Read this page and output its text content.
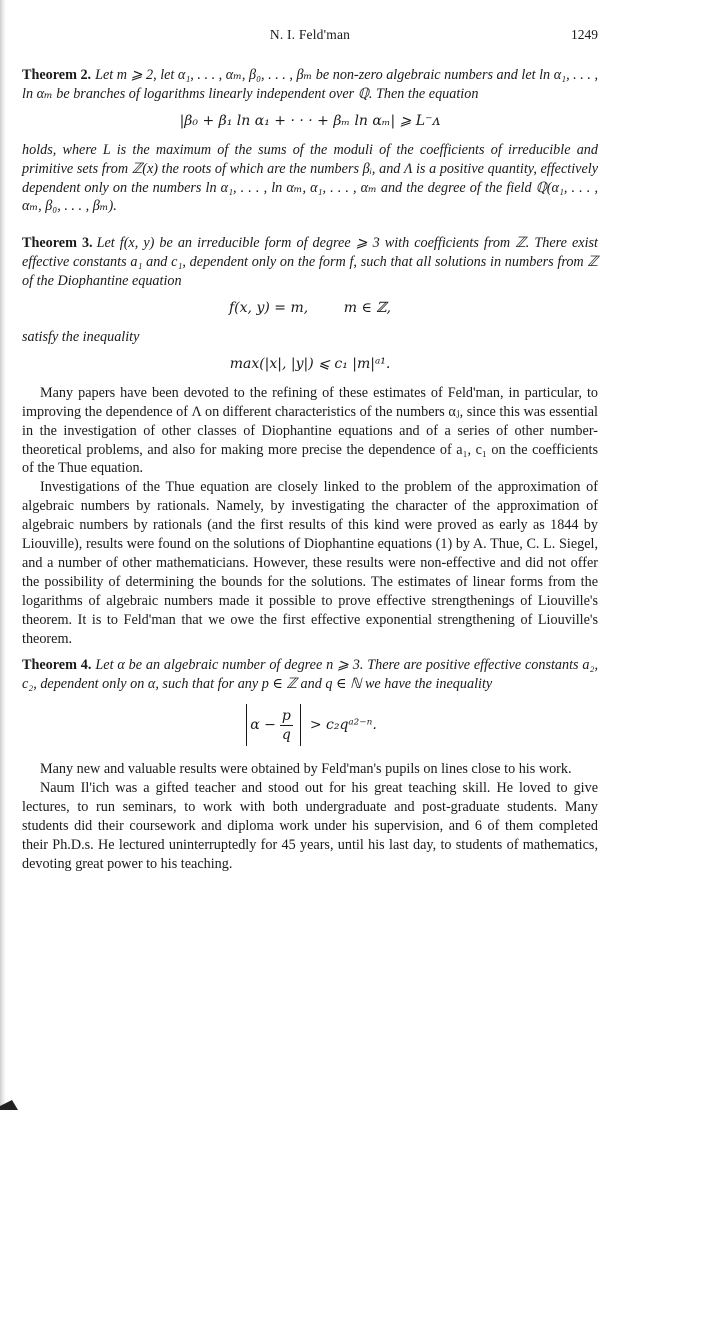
N. I. Feld'man	1249

Theorem 2. Let m ⩾ 2, let α₁, . . . , αₘ, β₀, . . . , βₘ be non-zero algebraic numbers and let ln α₁, . . . , ln αₘ be branches of logarithms linearly independent over ℚ. Then the equation

|β₀ + β₁ ln α₁ + · · · + βₘ ln αₘ| ⩾ L⁻ᴧ

holds, where L is the maximum of the sums of the moduli of the coefficients of irreducible and primitive sets from ℤ(x) the roots of which are the numbers βᵢ, and Λ is a positive quantity, effectively dependent only on the numbers ln α₁, . . . , ln αₘ, α₁, . . . , αₘ and the degree of the field ℚ(α₁, . . . , αₘ, β₀, . . . , βₘ).

Theorem 3. Let f(x, y) be an irreducible form of degree ⩾ 3 with coefficients from ℤ. There exist effective constants a₁ and c₁, dependent only on the form f, such that all solutions in numbers from ℤ of the Diophantine equation

f(x, y) = m,        m ∈ ℤ,

satisfy the inequality

max(|x|, |y|) ⩽ c₁ |m|ᵃ¹.

Many papers have been devoted to the refining of these estimates of Feld'man, in particular, to improving the dependence of Λ on different characteristics of the numbers αⱼ, since this was essential in the investigation of other classes of Diophantine equations and of a series of other number-theoretical problems, and also for making more precise the dependence of a₁, c₁ on the coefficients of the Thue equation.

Investigations of the Thue equation are closely linked to the problem of the approximation of algebraic numbers by rationals. Namely, by investigating the character of the approximation of algebraic numbers by rationals (and the first results of this kind were proved as early as 1844 by Liouville), results were found on the solutions of Diophantine equations (1) by A. Thue, C. L. Siegel, and a number of other mathematicians. However, these results were non-effective and did not offer the possibility of determining the bounds for the solutions. The estimates of linear forms from the logarithms of algebraic numbers made it possible to prove effective strengthenings of Liouville's theorem. It is to Feld'man that we owe the first effective exponential strengthening of Liouville's theorem.

Theorem 4. Let α be an algebraic number of degree n ⩾ 3. There are positive effective constants a₂, c₂, dependent only on α, such that for any p ∈ ℤ and q ∈ ℕ we have the inequality

$\alpha - \frac{p}{q}$ > c₂qᵃ²⁻ⁿ.

Many new and valuable results were obtained by Feld'man's pupils on lines close to his work.

Naum Il'ich was a gifted teacher and stood out for his great teaching skill. He loved to give lectures, to run seminars, to work with both undergraduate and post-graduate students. Many students did their coursework and diploma work under his supervision, and 6 of them completed their Ph.D.s. He lectured uninterruptedly for 45 years, until his last day, to students of mathematics, devoting great power to his teaching.
